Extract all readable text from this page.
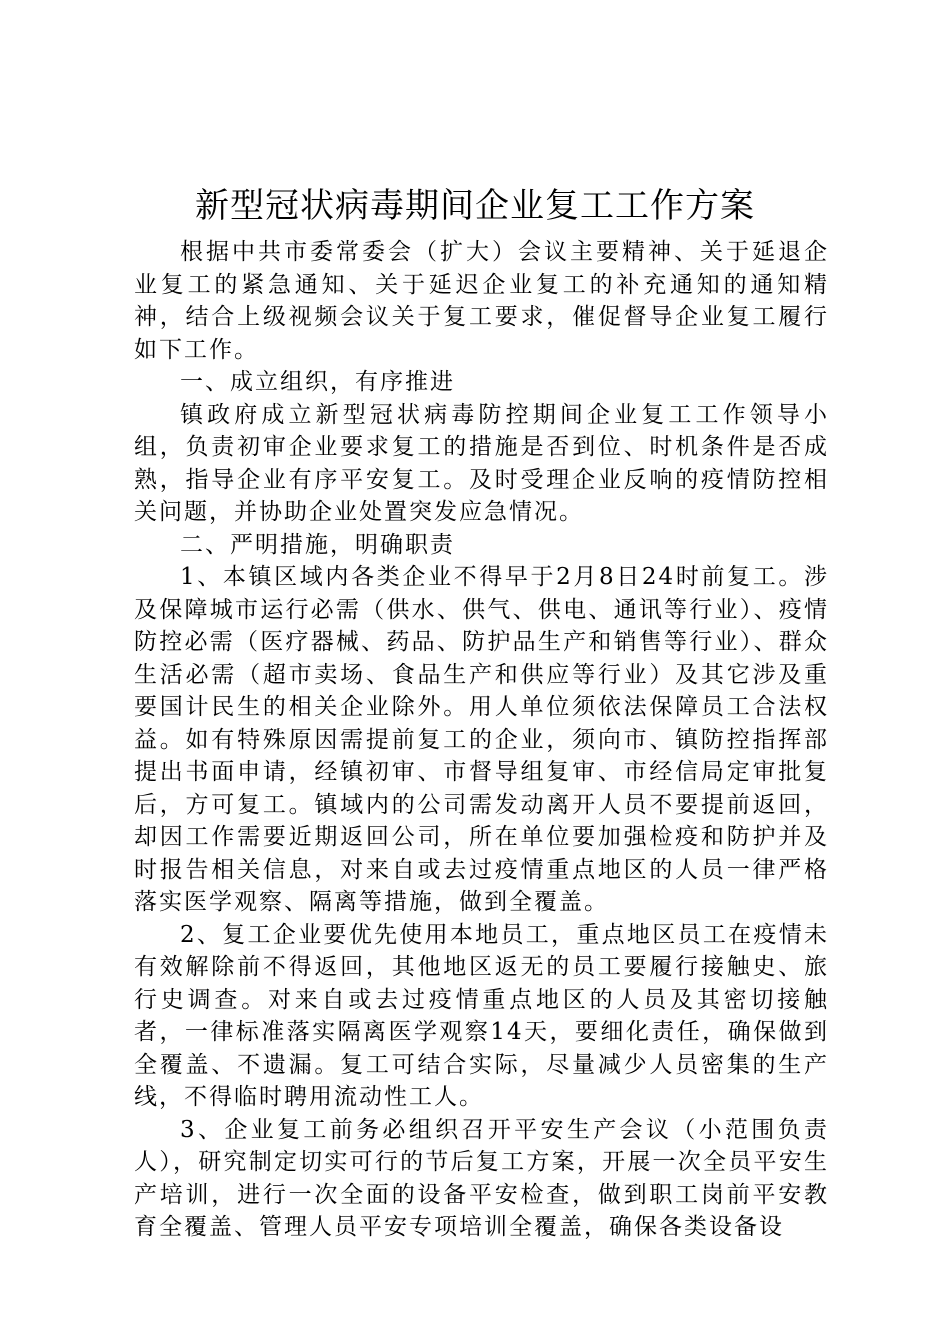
新型冠状病毒期间企业复工工作方案

根据中共市委常委会（扩大）会议主要精神、关于延退企业复工的紧急通知、关于延迟企业复工的补充通知的通知精神，结合上级视频会议关于复工要求，催促督导企业复工履行如下工作。

一、成立组织，有序推进

镇政府成立新型冠状病毒防控期间企业复工工作领导小组，负责初审企业要求复工的措施是否到位、时机条件是否成熟，指导企业有序平安复工。及时受理企业反响的疫情防控相关问题，并协助企业处置突发应急情况。

二、严明措施，明确职责

1、本镇区域内各类企业不得早于2月8日24时前复工。涉及保障城市运行必需（供水、供气、供电、通讯等行业）、疫情防控必需（医疗器械、药品、防护品生产和销售等行业）、群众生活必需（超市卖场、食品生产和供应等行业）及其它涉及重要国计民生的相关企业除外。用人单位须依法保障员工合法权益。如有特殊原因需提前复工的企业，须向市、镇防控指挥部提出书面申请，经镇初审、市督导组复审、市经信局定审批复后，方可复工。镇域内的公司需发动离开人员不要提前返回，却因工作需要近期返回公司，所在单位要加强检疫和防护并及时报告相关信息，对来自或去过疫情重点地区的人员一律严格落实医学观察、隔离等措施，做到全覆盖。

2、复工企业要优先使用本地员工，重点地区员工在疫情未有效解除前不得返回，其他地区返无的员工要履行接触史、旅行史调查。对来自或去过疫情重点地区的人员及其密切接触者，一律标准落实隔离医学观察14天，要细化责任，确保做到全覆盖、不遗漏。复工可结合实际，尽量减少人员密集的生产线，不得临时聘用流动性工人。

3、企业复工前务必组织召开平安生产会议（小范围负责人），研究制定切实可行的节后复工方案，开展一次全员平安生产培训，进行一次全面的设备平安检查，做到职工岗前平安教育全覆盖、管理人员平安专项培训全覆盖，确保各类设备设
